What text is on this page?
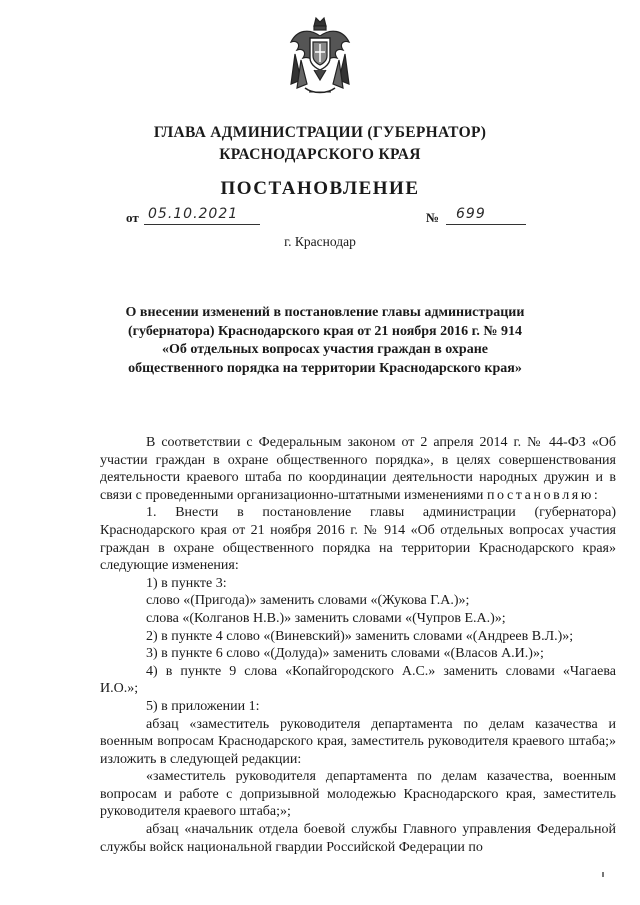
ГЛАВА АДМИНИСТРАЦИИ (ГУБЕРНАТОР)
КРАСНОДАРСКОГО КРАЯ
ПОСТАНОВЛЕНИЕ
от 05.10.2021	№ 699
г. Краснодар
О внесении изменений в постановление главы администрации
(губернатора) Краснодарского края от 21 ноября 2016 г. № 914
«Об отдельных вопросах участия граждан в охране
общественного порядка на территории Краснодарского края»

В соответствии с Федеральным законом от 2 апреля 2014 г. № 44-ФЗ «Об участии граждан в охране общественного порядка», в целях совершенствования деятельности краевого штаба по координации деятельности народных дружин и в связи с проведенными организационно-штатными изменениями постановляю:

1. Внести в постановление главы администрации (губернатора) Краснодарского края от 21 ноября 2016 г. № 914 «Об отдельных вопросах участия граждан в охране общественного порядка на территории Краснодарского края» следующие изменения:

1) в пункте 3:

слово «(Пригода)» заменить словами «(Жукова Г.А.)»;

слова «(Колганов Н.В.)» заменить словами «(Чупров Е.А.)»;

2) в пункте 4 слово «(Виневский)» заменить словами «(Андреев В.Л.)»;

3) в пункте 6 слово «(Долуда)» заменить словами «(Власов А.И.)»;

4) в пункте 9 слова «Копайгородского А.С.» заменить словами «Чагаева И.О.»;

5) в приложении 1:

абзац «заместитель руководителя департамента по делам казачества и военным вопросам Краснодарского края, заместитель руководителя краевого штаба;» изложить в следующей редакции:

«заместитель руководителя департамента по делам казачества, военным вопросам и работе с допризывной молодежью Краснодарского края, заместитель руководителя краевого штаба;»;

абзац «начальник отдела боевой службы Главного управления Федеральной службы войск национальной гвардии Российской Федерации по
